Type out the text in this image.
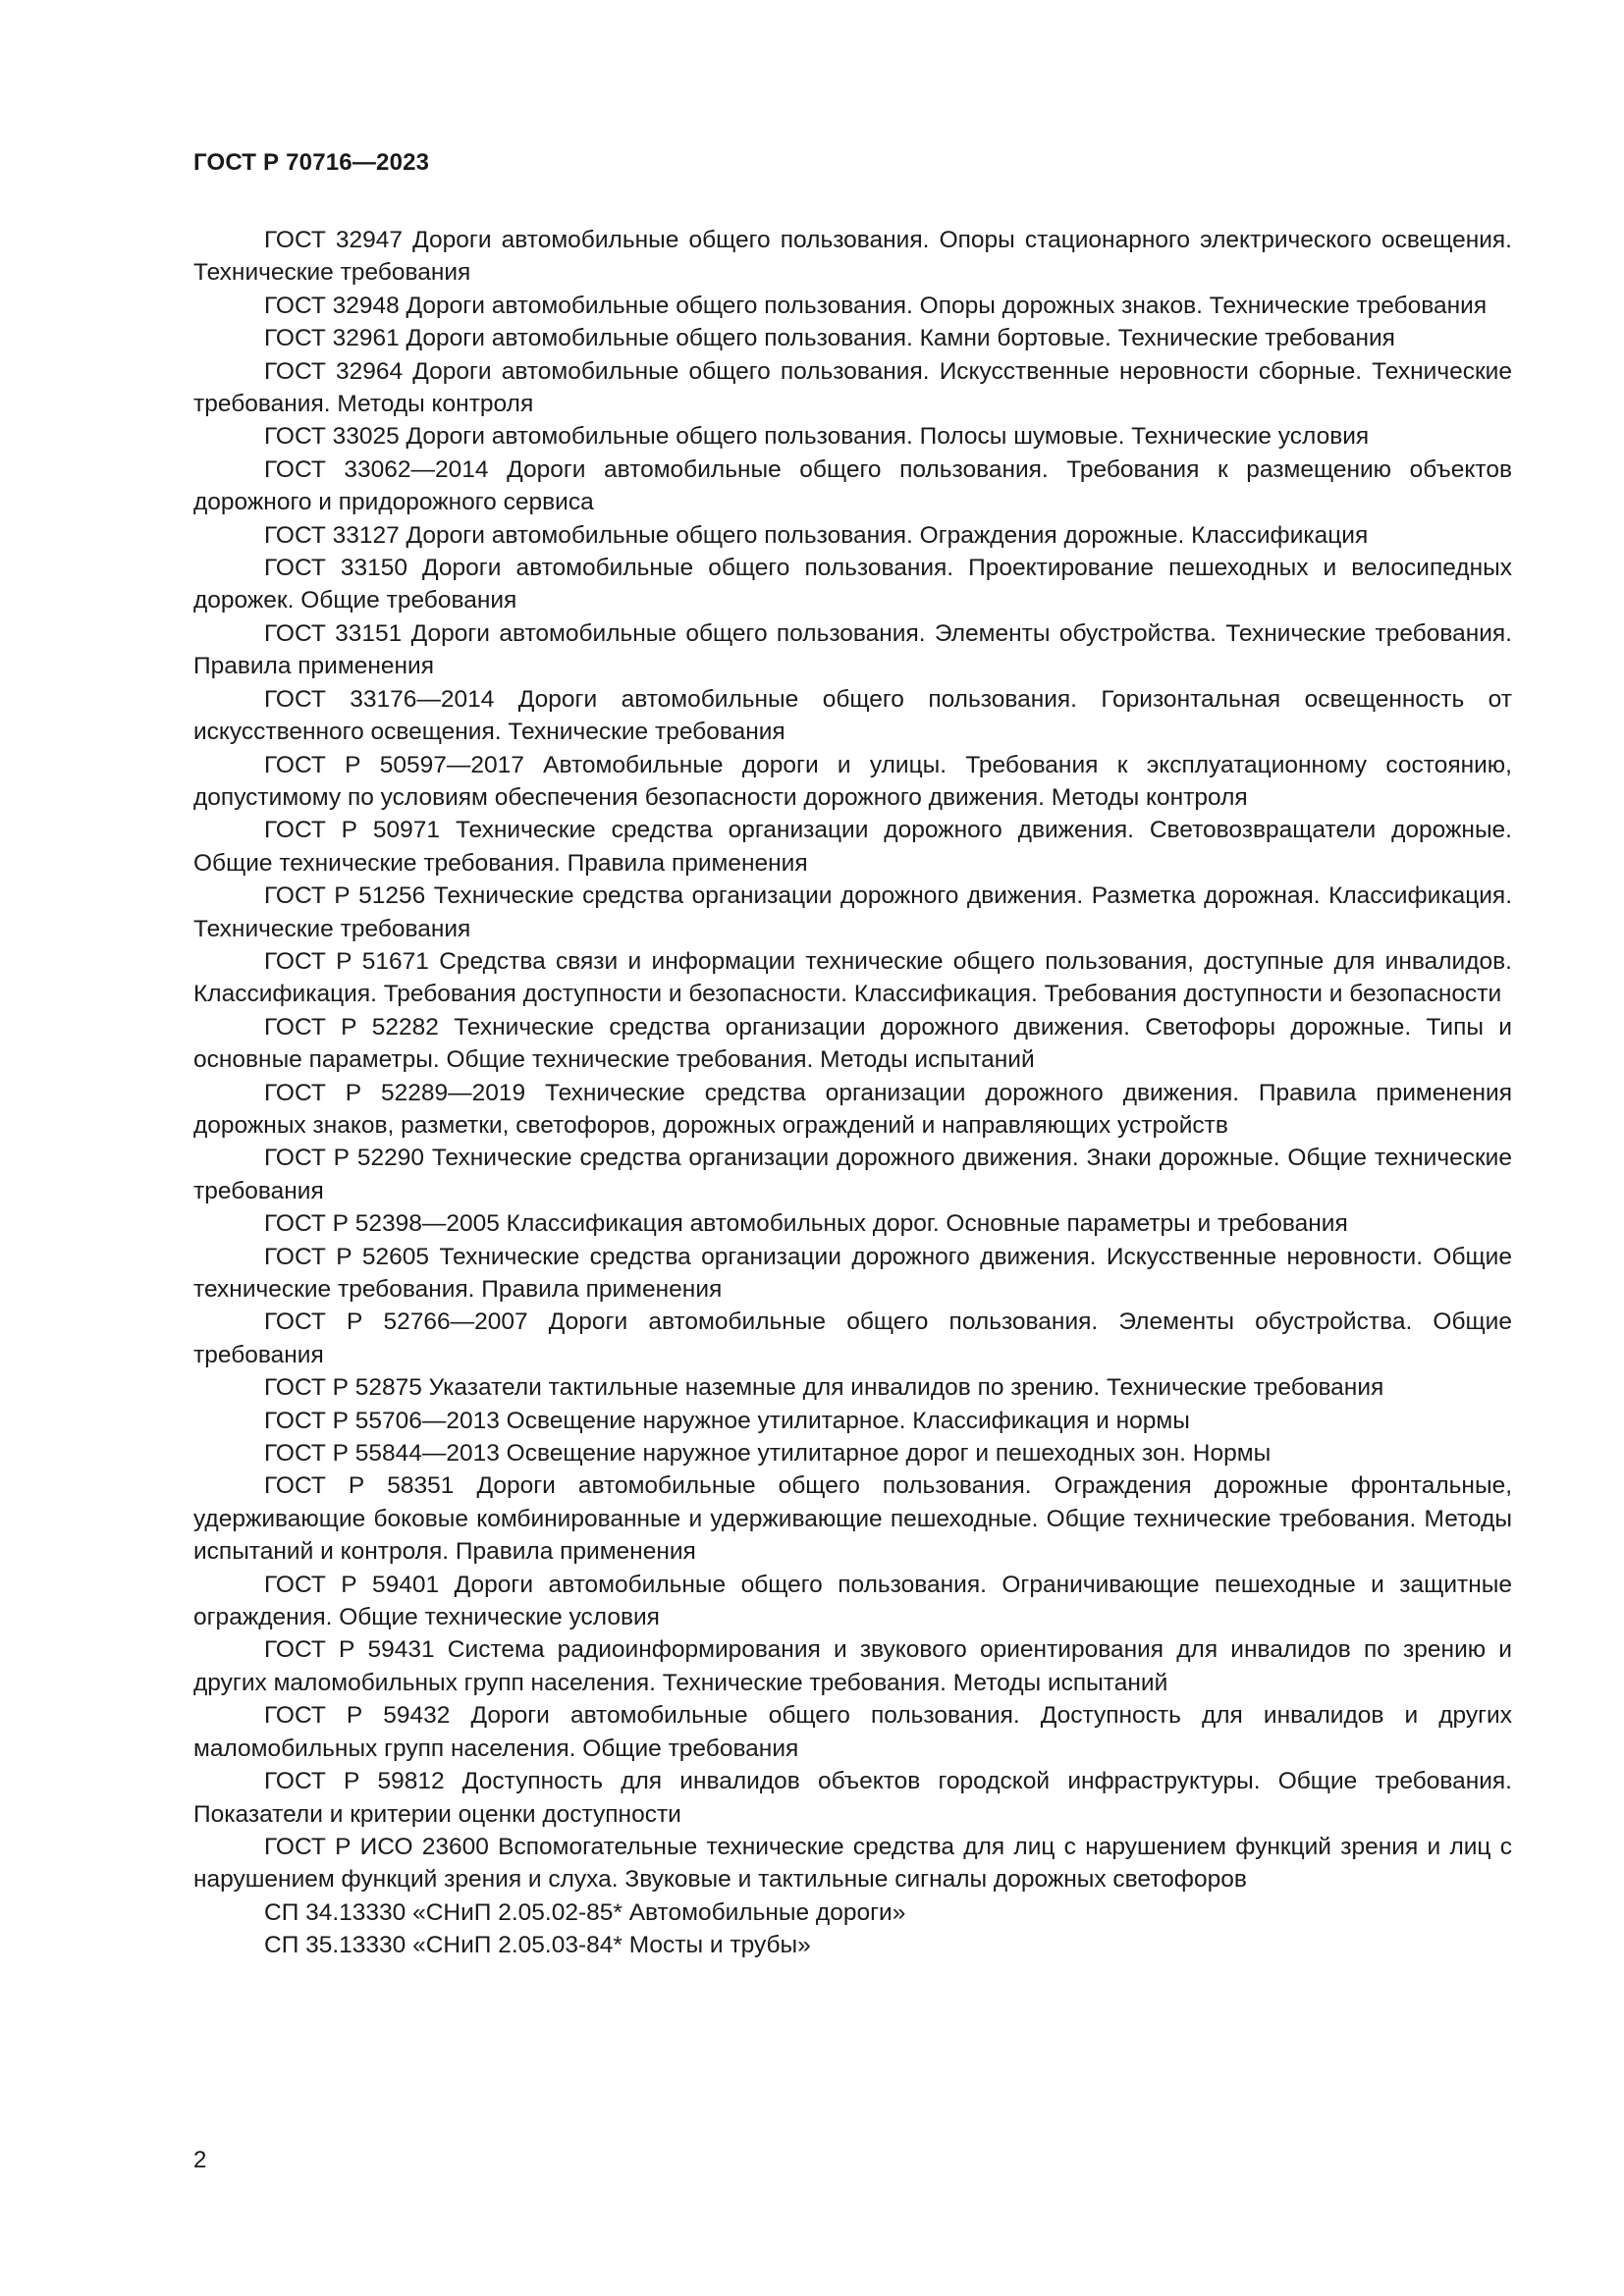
ГОСТ Р 70716—2023

ГОСТ 32947 Дороги автомобильные общего пользования. Опоры стационарного электрического освещения. Технические требования

ГОСТ 32948 Дороги автомобильные общего пользования. Опоры дорожных знаков. Технические требования

ГОСТ 32961 Дороги автомобильные общего пользования. Камни бортовые. Технические требования

ГОСТ 32964 Дороги автомобильные общего пользования. Искусственные неровности сборные. Технические требования. Методы контроля

ГОСТ 33025 Дороги автомобильные общего пользования. Полосы шумовые. Технические условия

ГОСТ 33062—2014 Дороги автомобильные общего пользования. Требования к размещению объектов дорожного и придорожного сервиса

ГОСТ 33127 Дороги автомобильные общего пользования. Ограждения дорожные. Классификация

ГОСТ 33150 Дороги автомобильные общего пользования. Проектирование пешеходных и велосипедных дорожек. Общие требования

ГОСТ 33151 Дороги автомобильные общего пользования. Элементы обустройства. Технические требования. Правила применения

ГОСТ 33176—2014 Дороги автомобильные общего пользования. Горизонтальная освещенность от искусственного освещения. Технические требования

ГОСТ Р 50597—2017 Автомобильные дороги и улицы. Требования к эксплуатационному состоянию, допустимому по условиям обеспечения безопасности дорожного движения. Методы контроля

ГОСТ Р 50971 Технические средства организации дорожного движения. Световозвращатели дорожные. Общие технические требования. Правила применения

ГОСТ Р 51256 Технические средства организации дорожного движения. Разметка дорожная. Классификация. Технические требования

ГОСТ Р 51671 Средства связи и информации технические общего пользования, доступные для инвалидов. Классификация. Требования доступности и безопасности. Классификация. Требования доступности и безопасности

ГОСТ Р 52282 Технические средства организации дорожного движения. Светофоры дорожные. Типы и основные параметры. Общие технические требования. Методы испытаний

ГОСТ Р 52289—2019 Технические средства организации дорожного движения. Правила применения дорожных знаков, разметки, светофоров, дорожных ограждений и направляющих устройств

ГОСТ Р 52290 Технические средства организации дорожного движения. Знаки дорожные. Общие технические требования

ГОСТ Р 52398—2005 Классификация автомобильных дорог. Основные параметры и требования

ГОСТ Р 52605 Технические средства организации дорожного движения. Искусственные неровности. Общие технические требования. Правила применения

ГОСТ Р 52766—2007 Дороги автомобильные общего пользования. Элементы обустройства. Общие требования

ГОСТ Р 52875 Указатели тактильные наземные для инвалидов по зрению. Технические требования

ГОСТ Р 55706—2013 Освещение наружное утилитарное. Классификация и нормы

ГОСТ Р 55844—2013 Освещение наружное утилитарное дорог и пешеходных зон. Нормы

ГОСТ Р 58351 Дороги автомобильные общего пользования. Ограждения дорожные фронтальные, удерживающие боковые комбинированные и удерживающие пешеходные. Общие технические требования. Методы испытаний и контроля. Правила применения

ГОСТ Р 59401 Дороги автомобильные общего пользования. Ограничивающие пешеходные и защитные ограждения. Общие технические условия

ГОСТ Р 59431 Система радиоинформирования и звукового ориентирования для инвалидов по зрению и других маломобильных групп населения. Технические требования. Методы испытаний

ГОСТ Р 59432 Дороги автомобильные общего пользования. Доступность для инвалидов и других маломобильных групп населения. Общие требования

ГОСТ Р 59812 Доступность для инвалидов объектов городской инфраструктуры. Общие требования. Показатели и критерии оценки доступности

ГОСТ Р ИСО 23600 Вспомогательные технические средства для лиц с нарушением функций зрения и лиц с нарушением функций зрения и слуха. Звуковые и тактильные сигналы дорожных светофоров

СП 34.13330 «СНиП 2.05.02-85* Автомобильные дороги»

СП 35.13330 «СНиП 2.05.03-84* Мосты и трубы»

2
